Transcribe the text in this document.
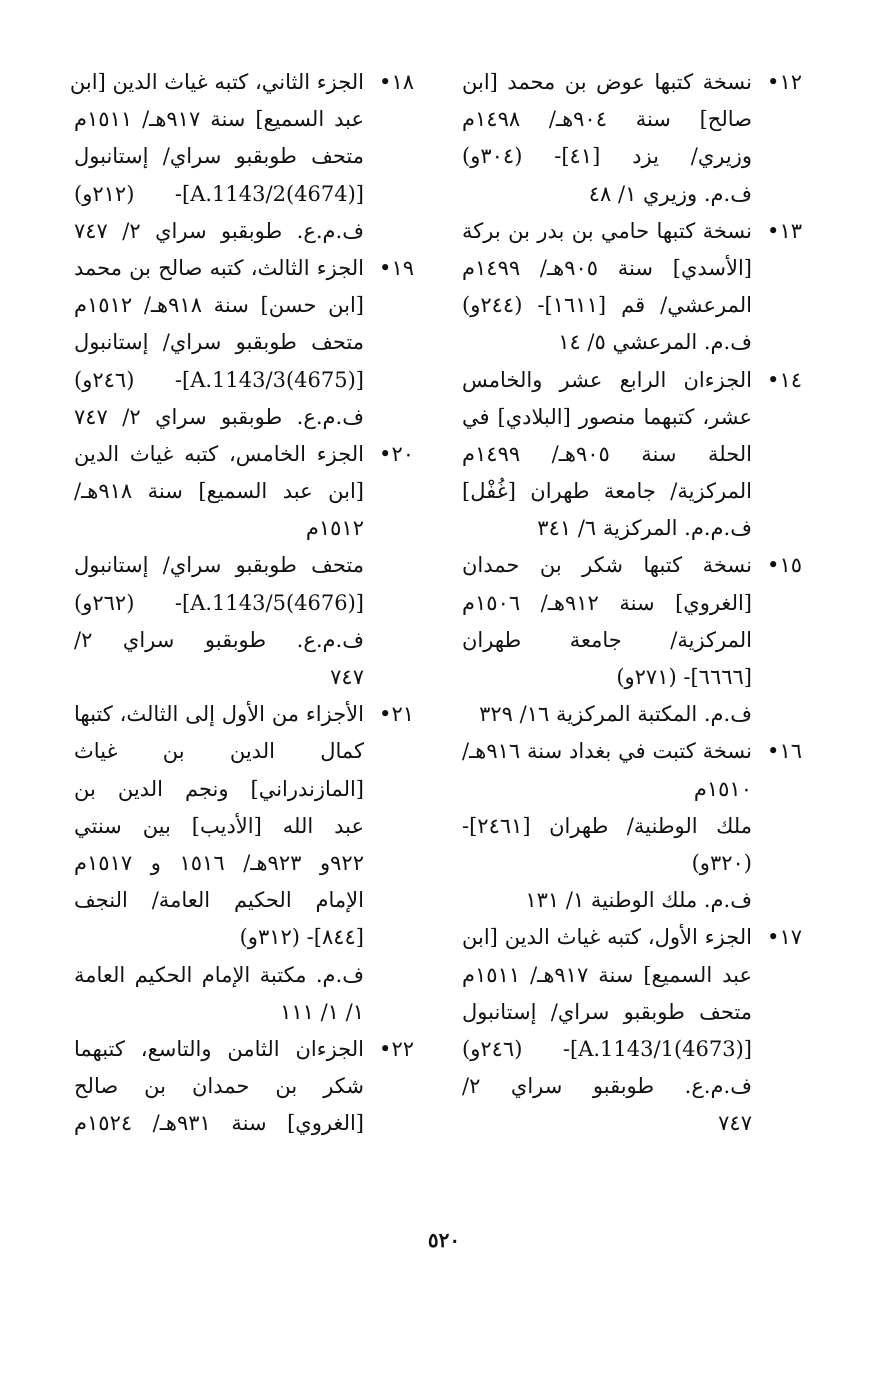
١٢•نسخة كتبها عوض بن محمد [ابن
صالح] سنة ٩٠٤هـ/ ١٤٩٨م
وزيري/ يزد [٤١]- (٣٠٤و)
ف.م. وزيري ١/ ٤٨
١٣•نسخة كتبها حامي بن بدر بن بركة
[الأسدي] سنة ٩٠٥هـ/ ١٤٩٩م
المرعشي/ قم [١٦١١]- (٢٤٤و)
ف.م. المرعشي ٥/ ١٤
١٤•الجزءان الرابع عشر والخامس
عشر، كتبهما منصور [البلادي] في
الحلة سنة ٩٠٥هـ/ ١٤٩٩م
المركزية/ جامعة طهران [غُفْل]
ف.م.م. المركزية ٦/ ٣٤١
١٥•نسخة كتبها شكر بن حمدان
[الغروي] سنة ٩١٢هـ/ ١٥٠٦م
المركزية/ جامعة طهران
[٦٦٦٦]- (٢٧١و)
ف.م. المكتبة المركزية ١٦/ ٣٢٩
١٦•نسخة كتبت في بغداد سنة ٩١٦هـ/
١٥١٠م
ملك الوطنية/ طهران [٢٤٦١]-
(٣٢٠و)
ف.م. ملك الوطنية ١/ ١٣١
١٧•الجزء الأول، كتبه غياث الدين [ابن
عبد السميع] سنة ٩١٧هـ/ ١٥١١م
متحف طوبقبو سراي/ إستانبول
[(4673)A.1143/1]- (٢٤٦و)
ف.م.ع. طوبقبو سراي ٢/
٧٤٧
١٨•الجزء الثاني، كتبه غياث الدين [ابن
عبد السميع] سنة ٩١٧هـ/ ١٥١١م
متحف طوبقبو سراي/ إستانبول
[(4674)A.1143/2]- (٢١٢و)
ف.م.ع. طوبقبو سراي ٢/ ٧٤٧
١٩•الجزء الثالث، كتبه صالح بن محمد
[ابن حسن] سنة ٩١٨هـ/ ١٥١٢م
متحف طوبقبو سراي/ إستانبول
[(4675)A.1143/3]- (٢٤٦و)
ف.م.ع. طوبقبو سراي ٢/ ٧٤٧
٢٠•الجزء الخامس، كتبه غياث الدين
[ابن عبد السميع] سنة ٩١٨هـ/
١٥١٢م
متحف طوبقبو سراي/ إستانبول
[(4676)A.1143/5]- (٢٦٢و)
ف.م.ع. طوبقبو سراي ٢/
٧٤٧
٢١•الأجزاء من الأول إلى الثالث، كتبها
كمال الدين بن غياث
[المازندراني] ونجم الدين بن
عبد الله [الأديب] بين سنتي
٩٢٢و ٩٢٣هـ/ ١٥١٦ و ١٥١٧م
الإمام الحكيم العامة/ النجف
[٨٤٤]- (٣١٢و)
ف.م. مكتبة الإمام الحكيم العامة
١/ ١/ ١١١
٢٢•الجزءان الثامن والتاسع، كتبهما
شكر بن حمدان بن صالح
[الغروي] سنة ٩٣١هـ/ ١٥٢٤م
٥٢٠
